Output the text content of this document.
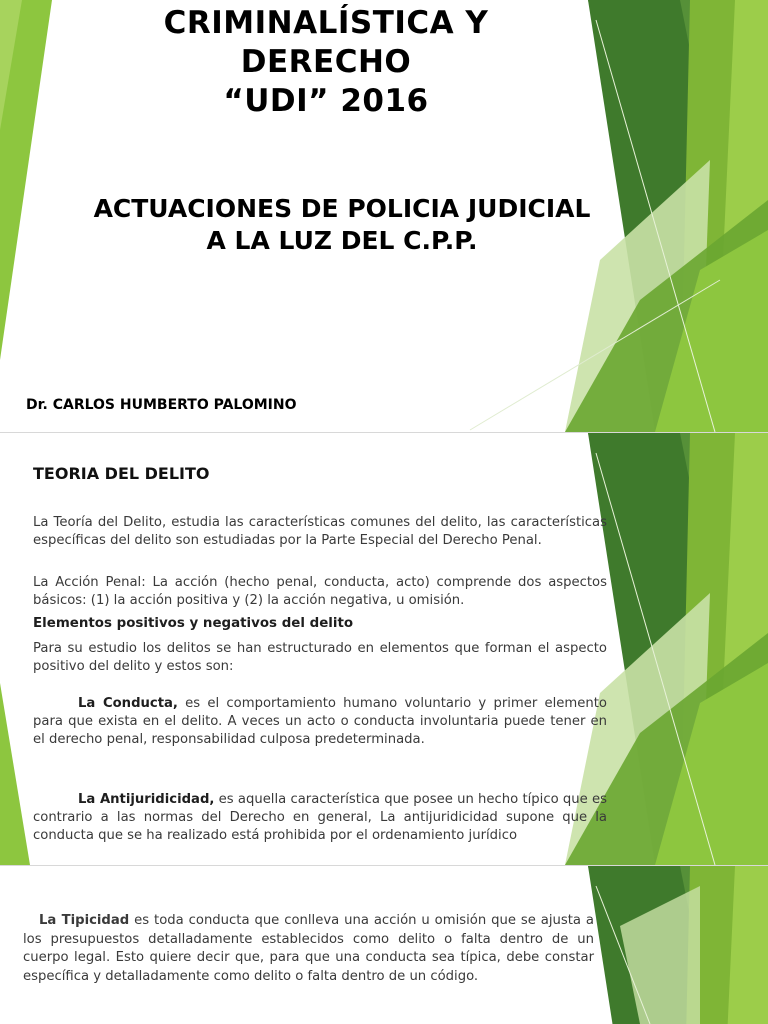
CRIMINALÍSTICA Y
DERECHO
“UDI” 2016
ACTUACIONES DE POLICIA JUDICIAL
A LA LUZ DEL C.P.P.
Dr. CARLOS HUMBERTO PALOMINO
TEORIA DEL DELITO
La Teoría del Delito, estudia las características comunes del delito, las características específicas del delito son estudiadas por la Parte Especial del Derecho Penal.
La Acción Penal: La acción (hecho penal, conducta, acto) comprende dos aspectos básicos: (1) la acción positiva y (2) la acción negativa, u omisión.
Elementos positivos y negativos del delito
Para su estudio los delitos se han estructurado en elementos que forman el aspecto positivo del delito y estos son:
La Conducta, es el comportamiento humano voluntario y primer elemento para que exista en el delito. A veces un acto o conducta involuntaria puede tener en el derecho penal, responsabilidad culposa predeterminada.
La Antijuridicidad, es aquella característica que posee un hecho típico que es contrario a las normas del Derecho en general, La antijuridicidad supone que la conducta que se ha realizado está prohibida por el ordenamiento jurídico
La Tipicidad es toda conducta que conlleva una acción u omisión que se ajusta a los presupuestos detalladamente establecidos como delito o falta dentro de un cuerpo legal. Esto quiere decir que, para que una conducta sea típica, debe constar específica y detalladamente como delito o falta dentro de un código.
